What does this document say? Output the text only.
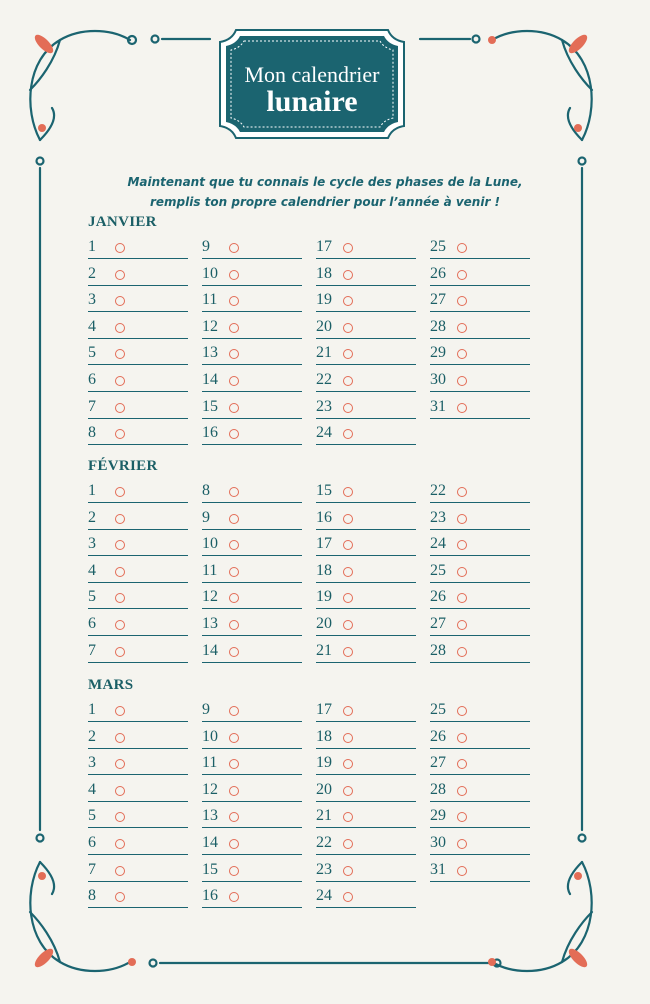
Mon calendrier
lunaire
Maintenant que tu connais le cycle des phases de la Lune,
remplis ton propre calendrier pour l’année à venir !
JANVIER
1
2
3
4
5
6
7
8
9
10
11
12
13
14
15
16
17
18
19
20
21
22
23
24
25
26
27
28
29
30
31
FÉVRIER
1
2
3
4
5
6
7
8
9
10
11
12
13
14
15
16
17
18
19
20
21
22
23
24
25
26
27
28
MARS
1
2
3
4
5
6
7
8
9
10
11
12
13
14
15
16
17
18
19
20
21
22
23
24
25
26
27
28
29
30
31
